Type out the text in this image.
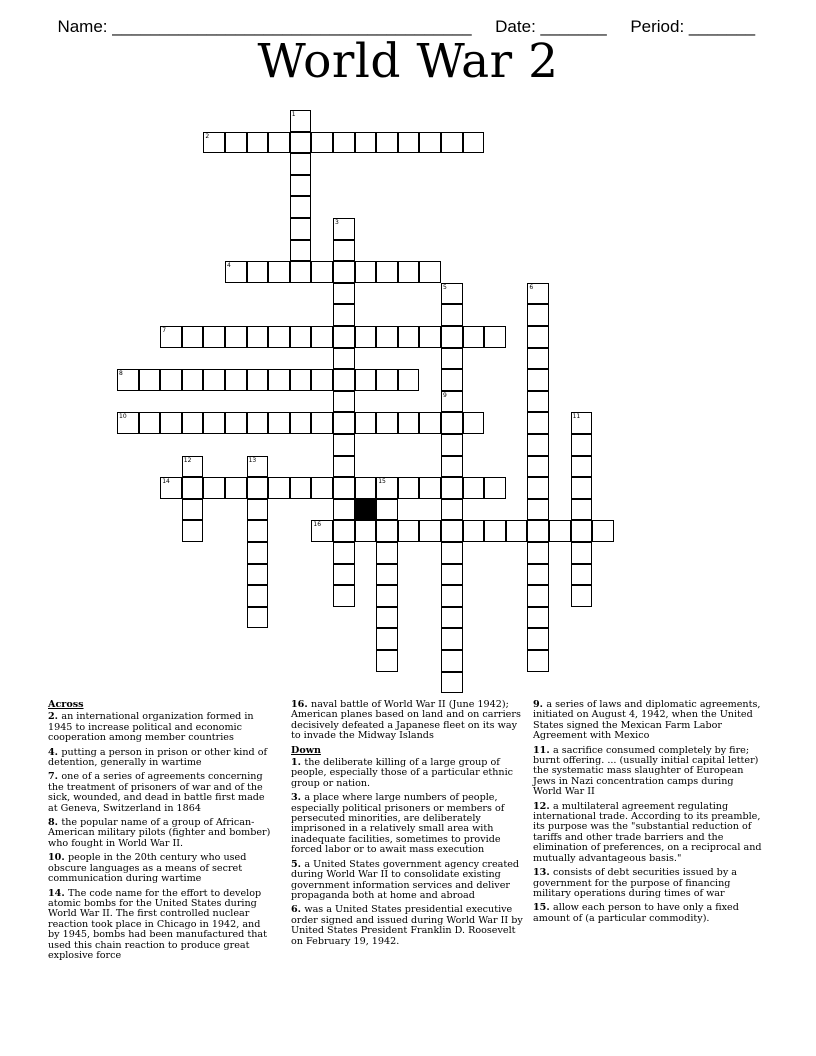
Name: ______________________________________ Date: _______ Period: _______

World War 2
2
4
7
8
10
14	15
16
1
3
5	6
9
11
12	13
Across
2. an international organization formed in 1945 to increase political and economic cooperation among member countries
4. putting a person in prison or other kind of detention, generally in wartime
7. one of a series of agreements concerning the treatment of prisoners of war and of the sick, wounded, and dead in battle first made at Geneva, Switzerland in 1864
8. the popular name of a group of African-American military pilots (fighter and bomber) who fought in World War II.
10. people in the 20th century who used obscure languages as a means of secret communication during wartime
14. The code name for the effort to develop atomic bombs for the United States during World War II. The first controlled nuclear reaction took place in Chicago in 1942, and by 1945, bombs had been manufactured that used this chain reaction to produce great explosive force
16. naval battle of World War II (June 1942); American planes based on land and on carriers decisively defeated a Japanese fleet on its way to invade the Midway Islands
Down
1. the deliberate killing of a large group of people, especially those of a particular ethnic group or nation.
3. a place where large numbers of people, especially political prisoners or members of persecuted minorities, are deliberately imprisoned in a relatively small area with inadequate facilities, sometimes to provide forced labor or to await mass execution
5. a United States government agency created during World War II to consolidate existing government information services and deliver propaganda both at home and abroad
6. was a United States presidential executive order signed and issued during World War II by United States President Franklin D. Roosevelt on February 19, 1942.
9. a series of laws and diplomatic agreements, initiated on August 4, 1942, when the United States signed the Mexican Farm Labor Agreement with Mexico
11. a sacrifice consumed completely by fire; burnt offering. ... (usually initial capital letter) the systematic mass slaughter of European Jews in Nazi concentration camps during World War II
12. a multilateral agreement regulating international trade. According to its preamble, its purpose was the "substantial reduction of tariffs and other trade barriers and the elimination of preferences, on a reciprocal and mutually advantageous basis."
13. consists of debt securities issued by a government for the purpose of financing military operations during times of war
15. allow each person to have only a fixed amount of (a particular commodity).
